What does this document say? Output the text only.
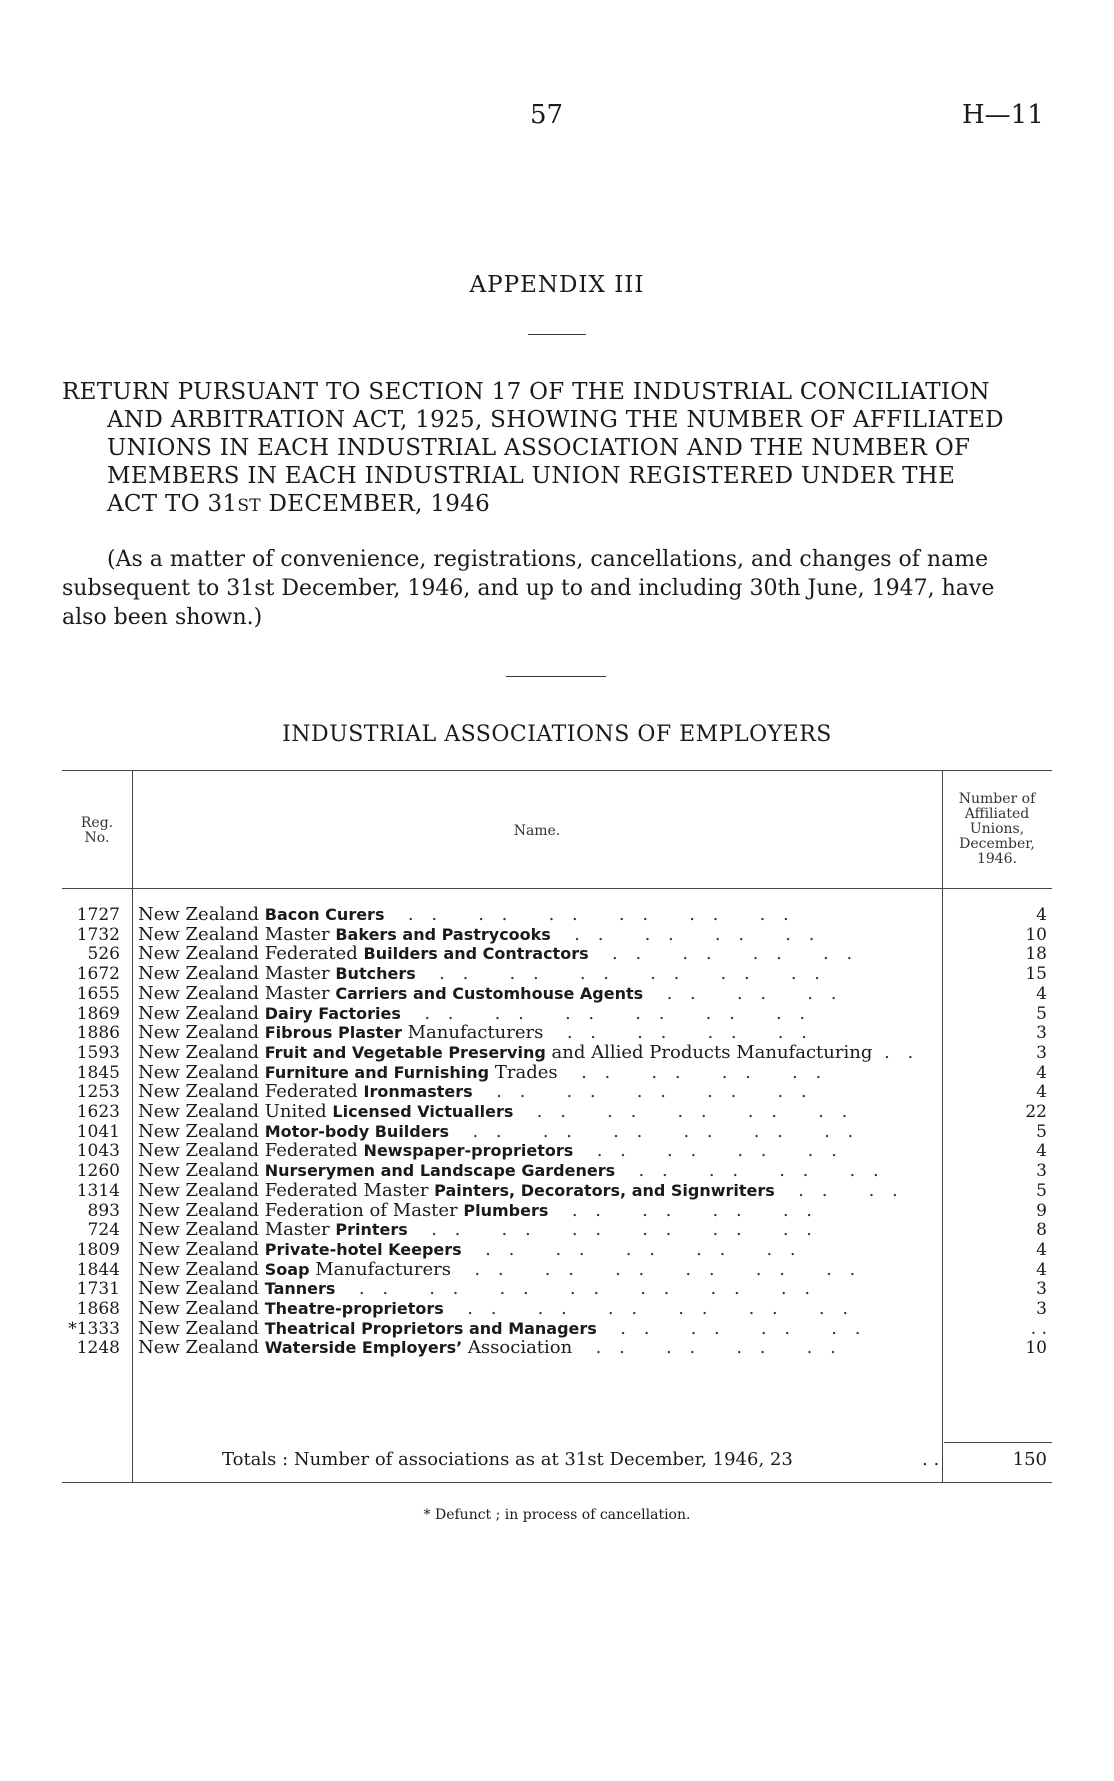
57	H—11
APPENDIX III
RETURN PURSUANT TO SECTION 17 OF THE INDUSTRIAL CONCILIATION
AND ARBITRATION ACT, 1925, SHOWING THE NUMBER OF AFFILIATED
UNIONS IN EACH INDUSTRIAL ASSOCIATION AND THE NUMBER OF
MEMBERS IN EACH INDUSTRIAL UNION REGISTERED UNDER THE
ACT TO 31ST DECEMBER, 1946
(As a matter of convenience, registrations, cancellations, and changes of name
subsequent to 31st December, 1946, and up to and including 30th June, 1947, have
also been shown.)
INDUSTRIAL ASSOCIATIONS OF EMPLOYERS
Reg.
No.	Name.
Number of
Affiliated
Unions,
December,
1946.
1727 New Zealand Bacon Curers  . .   . .   . .   . .   . .   . .	4
1732 New Zealand Master Bakers and Pastrycooks  . .   . .   . .   . .	10
526 New Zealand Federated Builders and Contractors  . .   . .   . .   . .	18
1672 New Zealand Master Butchers  . .   . .   . .   . .   . .   . .	15
1655 New Zealand Master Carriers and Customhouse Agents  . .   . .   . .	4
1869 New Zealand Dairy Factories  . .   . .   . .   . .   . .   . .	5
1886 New Zealand Fibrous Plaster Manufacturers  . .   . .   . .   . .	3
1593 New Zealand Fruit and Vegetable Preserving and Allied Products Manufacturing . .	3
1845 New Zealand Furniture and Furnishing Trades  . .   . .   . .   . .	4
1253 New Zealand Federated Ironmasters  . .   . .   . .   . .   . .	4
1623 New Zealand United Licensed Victuallers  . .   . .   . .   . .   . .	22
1041 New Zealand Motor-body Builders  . .   . .   . .   . .   . .   . .	5
1043 New Zealand Federated Newspaper-proprietors  . .   . .   . .   . .	4
1260 New Zealand Nurserymen and Landscape Gardeners  . .   . .   . .   . .	3
1314 New Zealand Federated Master Painters, Decorators, and Signwriters  . .   . .	5
893 New Zealand Federation of Master Plumbers  . .   . .   . .   . .	9
724 New Zealand Master Printers  . .   . .   . .   . .   . .   . .	8
1809 New Zealand Private-hotel Keepers  . .   . .   . .   . .   . .	4
1844 New Zealand Soap Manufacturers  . .   . .   . .   . .   . .   . .	4
1731 New Zealand Tanners  . .   . .   . .   . .   . .   . .   . .	3
1868 New Zealand Theatre-proprietors  . .   . .   . .   . .   . .   . .	3
*1333 New Zealand Theatrical Proprietors and Managers  . .   . .   . .   . .	. .
1248 New Zealand Waterside Employers’ Association  . .   . .   . .   . .	10
Totals : Number of associations as at 31st December, 1946, 23	. .	150
* Defunct ; in process of cancellation.
